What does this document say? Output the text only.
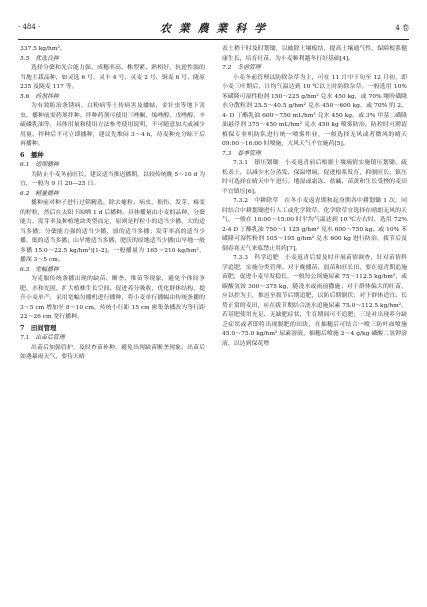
· 484 ·	农 業 農 業 科 学	4 卷

337.5 kg/hm²。

5.5　优选良种

选择分蘖和光合能力强、成穗率高、株型紧、熟相好、抗逆性强的当地主栽品种，如灵选 6 号、灵丰 4 号、灵麦 2 号、铜麦 6 号、陇原 235 及陇麦 117 等。

5.6　药剂拌种

为有效防治条锈病、白粉病等土传病害及蝼蛄、金针虫等地下害虫，播种前需药剂拌种。拌种药剂可使用三唑酮、烯唑醇、戊唑醇、辛硫磷乳油等，具体用量和使用方法参考使用说明，不可随意加大或减少用量。拌种后不可立即播种，建议先堆闷 3～4 h，待麦种充分晾干后再播种。

6　播种

6.1　适期播种

为防止小麦冬前旺长，建议适当推迟播期，以较传统晚 5～10 d 为宜，一般为 9 月 20—25 日。

6.2　精量播种

播种前对种子进行过筛精选，除去瘪粒、病虫、损伤、发芽、霉变的籽粒，然后在太阳下晾晒 1 d 后播种。具体播量由小麦的品种、分蘖能力、发芽率及种植地块类型而定，原则是籽粒小的适当少播、大的适当多播；分蘖能力强的适当少播、弱的适当多播；发芽率高的适当少播、低的适当多播；山旱地适当多播、肥沃的原地适当少播(山旱地一般多播 15.0～22.5 kg/hm²)[1-2]。一般播量为 165～210 kg/hm²，播深 3～5 cm。

6.3　宽幅播种

为克服传统条播出现的缺苗、断垄、堆苗等现象，避免个体间争肥、水和光照，扩大植株生长空间，促进养分吸收，优化群体结构，提升小麦单产，采用宽幅匀播机进行播种，将小麦单行播幅由传统条播的 3～5 cm 增加至 8～10 cm，传统小行距 15 cm 密集条播改为等行距 22～26 cm 宽行播种。

7　田间管理

7.1　出苗后管理

出苗后加强管护，及时查苗补种，避免出现缺苗断垄现象。出苗后如遇暴雨天气，要待天晴

表土稍干时及时划锄，以破除土壤板结，提高土壤通气性，保障根系健康生长，培育壮苗，为小麦顺利越冬打好基础[4]。

7.2　冬前管理

小麦冬前管理以防除杂草为主，可在 11 月中下旬至 12 月初，即小麦三叶期后，日均气温达到 10 ℃以上时防除杂草。一般选用 10% 苯磺隆可湿性粉剂 150～225 g/hm² 兑水 450 kg，或 70% 噻吩磺隆水分散粒剂 25.5～40.5 g/hm² 兑水 450～600 kg，或 70% 的 2，4- D 丁酯乳油 600～750 mL/hm² 兑水 450 kg，或 3% 甲基二磺隆油悬浮剂 375～450 mL/hm² 兑水 450 kg 喷雾防治，防控时可聘请植保专业机防队进行统一喷雾作业，一般选择无风或者微风的晴天 09:00～16:00 时喷施，大风天气不宜施药[5]。

7.3　春季管理

7.3.1　镇压划锄　小麦返青前后根据土壤墒情实施镇压划锄，疏松表土，以减少水分蒸发，保温增墒，促进根系发育，抑制旺长。镇压时可选择在晴天中午进行。地湿或霜冻、盐碱、苗黄和生长受挫的麦田不宜镇压[6]。

7.3.2　中耕除草　在冬小麦返青期和起身期各中耕划锄 1 次，同时结合中耕划锄进行人工或化学除草。化学除草宜选择在晴朗无风的天气，一般在 10:00～15:00 时平均气温达到 10 ℃左右时，选用 72% 2-4 D 丁酯乳油 750～1 125 g/hm² 兑水 600～750 kg，或 10% 苯磺隆可湿性粉剂 105～195 g/hm² 兑水 600 kg 进行防治，拔节后及倒春寒天气来临禁止用药[7]。

7.3.3　科学追肥　小麦返青后要及时开展苗情调查，针对苗情科学追肥，实施分类管理。对于晚播苗、弱苗和旺长田，要在返青期追施苗肥，促进小麦早发稳长，一般每公顷施尿素 75～112.5 kg/hm²，或碳酸氢铵 300～375 kg，随浇水或雨前撒施；对于群体偏大的旺苗，应以控为主，推迟至拔节后期追肥，以防后期倒伏；对于群体适宜、长势正常的麦田，应在拔节期结合浇水追施尿素 75.0～112.5 kg/hm²，若基肥使用充足、无缺肥症状，生育期间可不追肥；三是对出现养分缺乏症状或者即将出现脱肥的田块，在抽穗后可结合一喷三防叶面喷施 45.0～75.0 kg/hm² 尿素溶液，抽穗后喷施 2～4 g/kg 磷酸二氢钾溶液，以达到保花增
